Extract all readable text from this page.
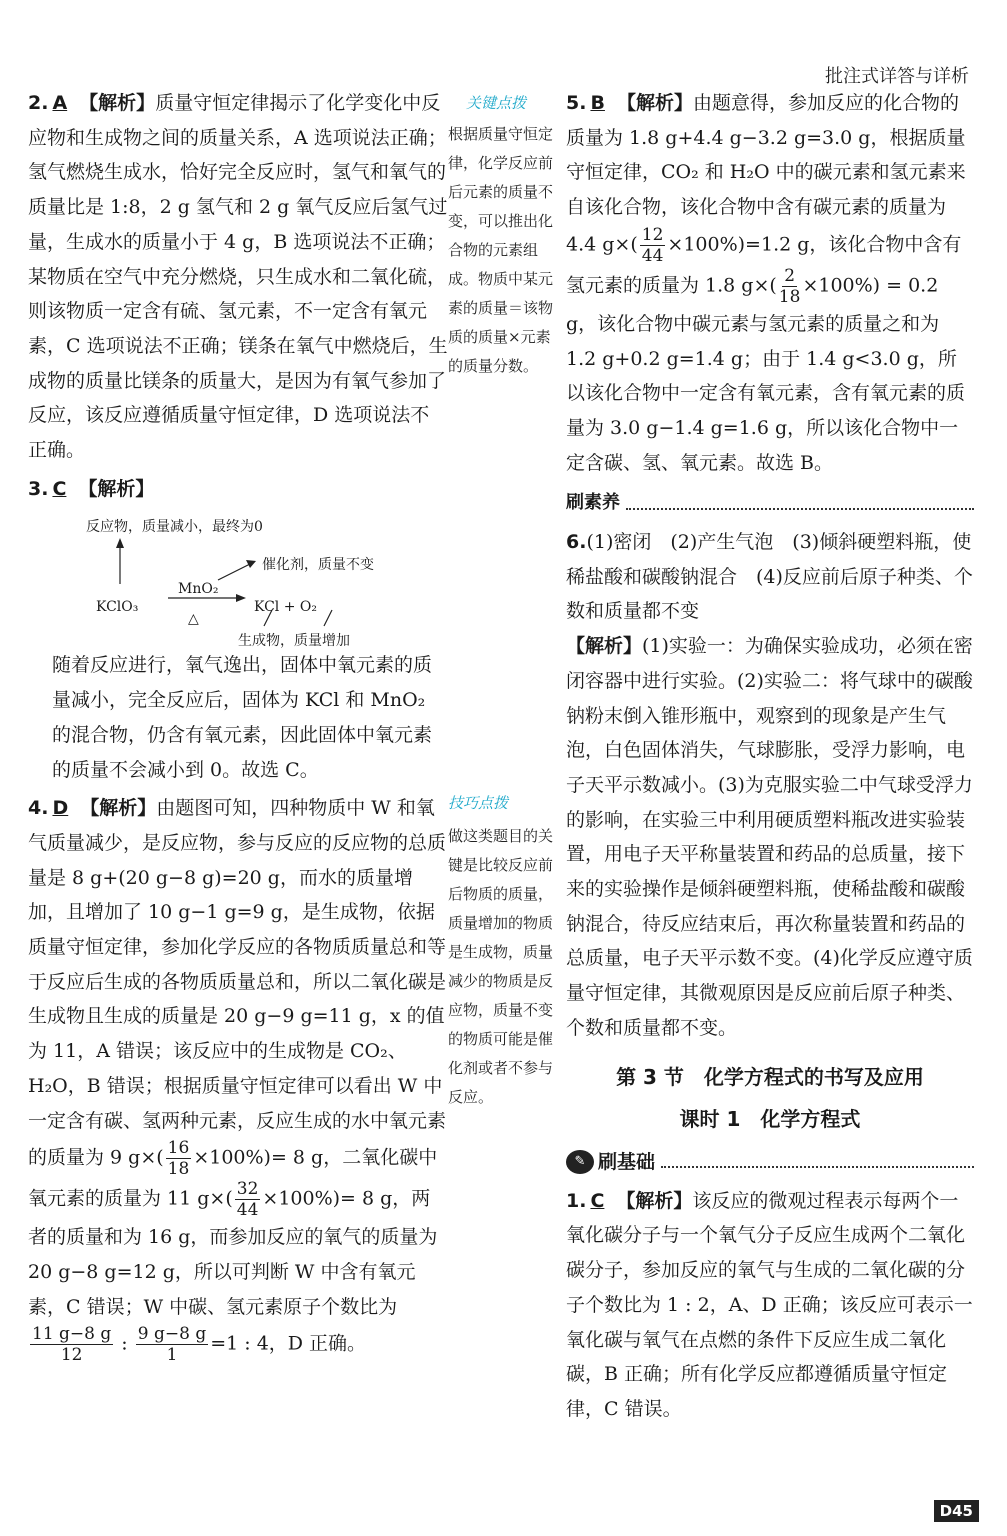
批注式详答与详析

2. A 【解析】质量守恒定律揭示了化学变化中反应物和生成物之间的质量关系，A 选项说法正确；氢气燃烧生成水，恰好完全反应时，氢气和氧气的质量比是 1:8，2 g 氢气和 2 g 氧气反应后氢气过量，生成水的质量小于 4 g，B 选项说法不正确；某物质在空气中充分燃烧，只生成水和二氧化硫，则该物质一定含有硫、氢元素，不一定含有氧元素，C 选项说法不正确；镁条在氧气中燃烧后，生成物的质量比镁条的质量大，是因为有氧气参加了反应，该反应遵循质量守恒定律，D 选项说法不正确。

3. C 【解析】

反应物，质量减小，最终为0
KClO₃
MnO₂
△
催化剂，质量不变
KCl + O₂
生成物，质量增加

随着反应进行，氧气逸出，固体中氧元素的质量减小，完全反应后，固体为 KCl 和 MnO₂ 的混合物，仍含有氧元素，因此固体中氧元素的质量不会减小到 0。故选 C。

4. D 【解析】由题图可知，四种物质中 W 和氧气质量减少，是反应物，参与反应的反应物的总质量是 8 g+(20 g−8 g)=20 g，而水的质量增加，且增加了 10 g−1 g=9 g，是生成物，依据质量守恒定律，参加化学反应的各物质质量总和等于反应后生成的各物质质量总和，所以二氧化碳是生成物且生成的质量是 20 g−9 g=11 g，x 的值为 11，A 错误；该反应中的生成物是 CO₂、H₂O，B 错误；根据质量守恒定律可以看出 W 中一定含有碳、氢两种元素，反应生成的水中氧元素的质量为 9 $g\times( \frac{16}{18} \times 100\%)= 8$ g，二氧化碳中氧元素的质量为 11 $g\times( \frac{32}{44} \times 100\%)= 8$ g，两者的质量和为 16 g，而参加反应的氧气的质量为 20 g−8 g=12 g，所以可判断 W 中含有氧元素，C 错误；W 中碳、氢元素原子个数比为
$\frac{11 g-8 g}{12}$ : $\frac{9 g-8 g}{1} =1$ : 4，D 正确。

关键点拨
根据质量守恒定律，化学反应前后元素的质量不变，可以推出化合物的元素组成。物质中某元素的质量＝该物质的质量×元素的质量分数。
技巧点拨
做这类题目的关键是比较反应前后物质的质量，质量增加的物质是生成物，质量减少的物质是反应物，质量不变的物质可能是催化剂或者不参与反应。

5. B 【解析】由题意得，参加反应的化合物的质量为 1.8 g+4.4 g−3.2 g=3.0 g，根据质量守恒定律，CO₂ 和 H₂O 中的碳元素和氢元素来自该化合物，该化合物中含有碳元素的质量为 4.4 $g\times( \frac{12}{44} \times 100\%)=1.2$ g，该化合物中含有氢元素的质量为 1.8 $g\times( \frac{2}{18} \times 100\%) = 0.2$ g，该化合物中碳元素与氢元素的质量之和为 1.2 g+0.2 g=1.4 g；由于 1.4 g<3.0 g，所以该化合物中一定含有氧元素，含有氧元素的质量为 3.0 g−1.4 g=1.6 g，所以该化合物中一定含碳、氢、氧元素。故选 B。

刷素养

6.(1)密闭　(2)产生气泡　(3)倾斜硬塑料瓶，使稀盐酸和碳酸钠混合　(4)反应前后原子种类、个数和质量都不变
【解析】(1)实验一：为确保实验成功，必须在密闭容器中进行实验。(2)实验二：将气球中的碳酸钠粉末倒入锥形瓶中，观察到的现象是产生气泡，白色固体消失，气球膨胀，受浮力影响，电子天平示数减小。(3)为克服实验二中气球受浮力的影响，在实验三中利用硬质塑料瓶改进实验装置，用电子天平称量装置和药品的总质量，接下来的实验操作是倾斜硬塑料瓶，使稀盐酸和碳酸钠混合，待反应结束后，再次称量装置和药品的总质量，电子天平示数不变。(4)化学反应遵守质量守恒定律，其微观原因是反应前后原子种类、个数和质量都不变。

第 3 节　化学方程式的书写及应用
课时 1　化学方程式
✎ 刷基础

1. C 【解析】该反应的微观过程表示每两个一氧化碳分子与一个氧气分子反应生成两个二氧化碳分子，参加反应的氧气与生成的二氧化碳的分子个数比为 1 : 2，A、D 正确；该反应可表示一氧化碳与氧气在点燃的条件下反应生成二氧化碳，B 正确；所有化学反应都遵循质量守恒定律，C 错误。

D45
